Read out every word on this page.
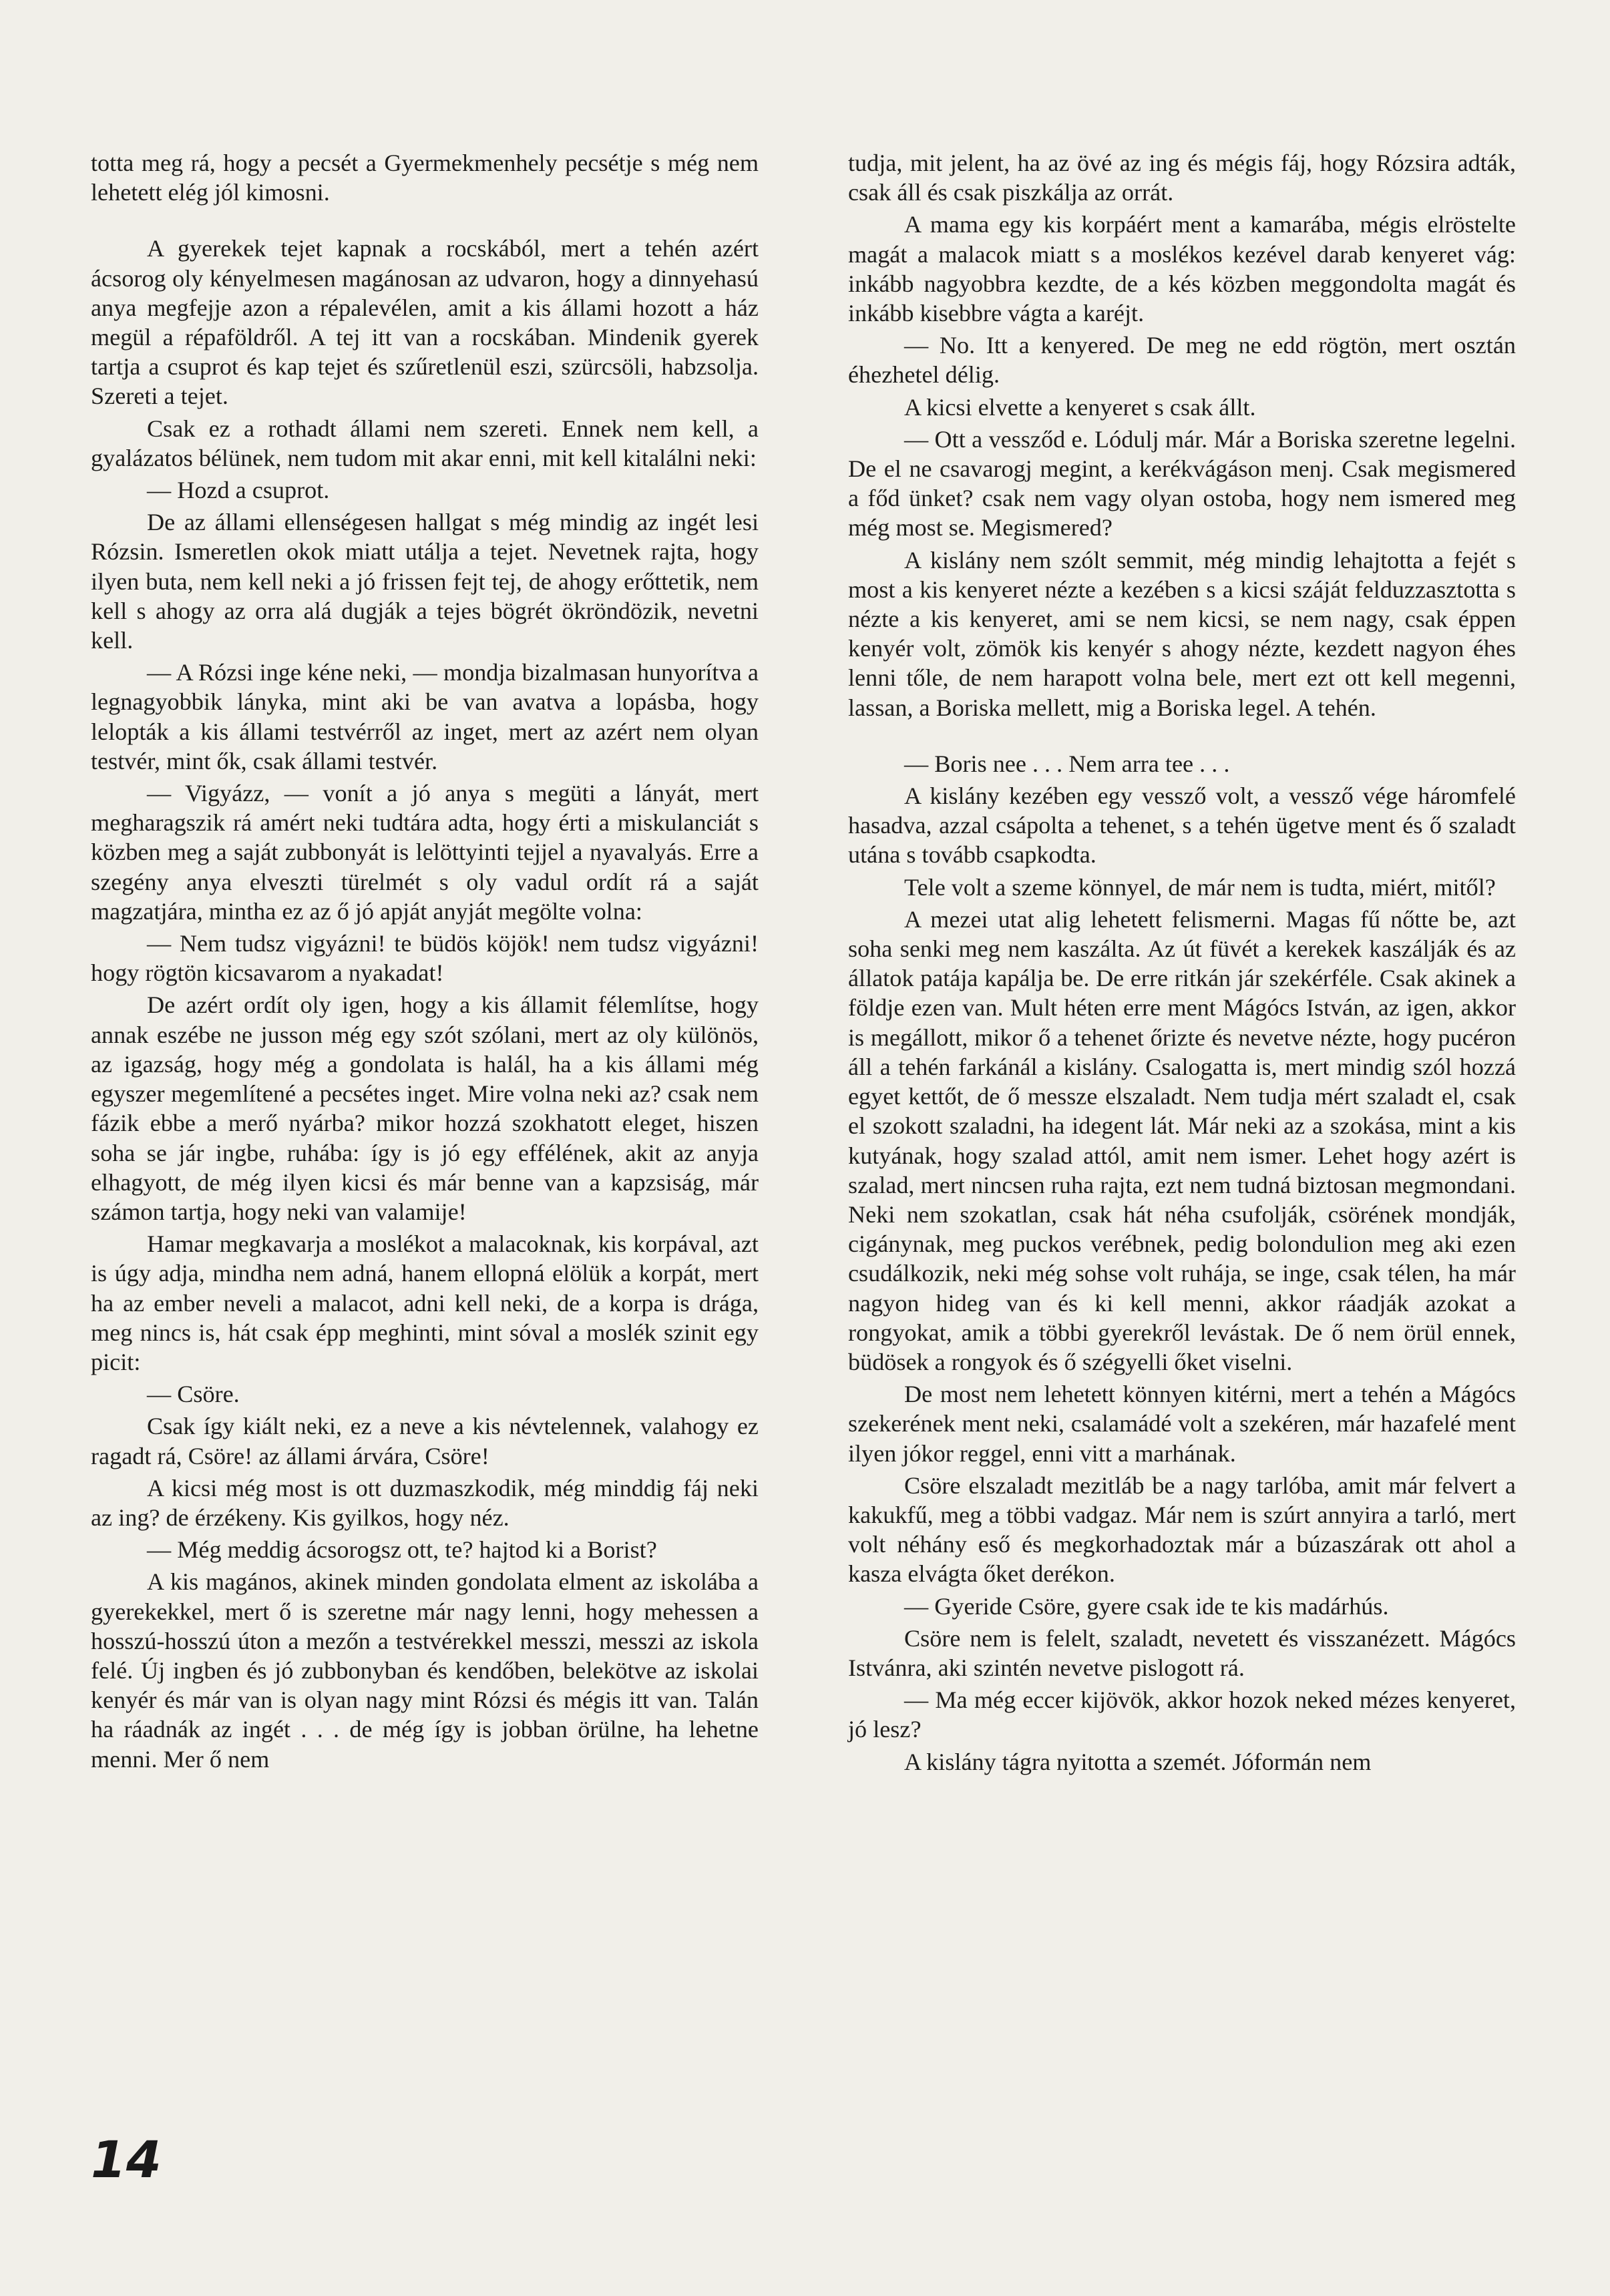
totta meg rá, hogy a pecsét a Gyermekmenhely pecsétje s még nem lehetett elég jól kimosni.

A gyerekek tejet kapnak a rocskából, mert a tehén azért ácsorog oly kényelmesen magánosan az udvaron, hogy a dinnyehasú anya megfejje azon a répalevélen, amit a kis állami hozott a ház megül a répaföldről. A tej itt van a rocskában. Mindenik gyerek tartja a csuprot és kap tejet és szűretlenül eszi, szürcsöli, habzsolja. Szereti a tejet.

Csak ez a rothadt állami nem szereti. Ennek nem kell, a gyalázatos bélünek, nem tudom mit akar enni, mit kell kitalálni neki:

— Hozd a csuprot.

De az állami ellenségesen hallgat s még mindig az ingét lesi Rózsin. Ismeretlen okok miatt utálja a tejet. Nevetnek rajta, hogy ilyen buta, nem kell neki a jó frissen fejt tej, de ahogy erőttetik, nem kell s ahogy az orra alá dugják a tejes bögrét ökröndözik, nevetni kell.

— A Rózsi inge kéne neki, — mondja bizalmasan hunyorítva a legnagyobbik lányka, mint aki be van avatva a lopásba, hogy lelopták a kis állami testvérről az inget, mert az azért nem olyan testvér, mint ők, csak állami testvér.

— Vigyázz, — vonít a jó anya s megüti a lányát, mert megharagszik rá amért neki tudtára adta, hogy érti a miskulanciát s közben meg a saját zubbonyát is lelöttyinti tejjel a nyavalyás. Erre a szegény anya elveszti türelmét s oly vadul ordít rá a saját magzatjára, mintha ez az ő jó apját anyját megölte volna:

— Nem tudsz vigyázni! te büdös köjök! nem tudsz vigyázni! hogy rögtön kicsavarom a nyakadat!

De azért ordít oly igen, hogy a kis államit félemlítse, hogy annak eszébe ne jusson még egy szót szólani, mert az oly különös, az igazság, hogy még a gondolata is halál, ha a kis állami még egyszer megemlítené a pecsétes inget. Mire volna neki az? csak nem fázik ebbe a merő nyárba? mikor hozzá szokhatott eleget, hiszen soha se jár ingbe, ruhába: így is jó egy effélének, akit az anyja elhagyott, de még ilyen kicsi és már benne van a kapzsiság, már számon tartja, hogy neki van valamije!

Hamar megkavarja a moslékot a malacoknak, kis korpával, azt is úgy adja, mindha nem adná, hanem ellopná elölük a korpát, mert ha az ember neveli a malacot, adni kell neki, de a korpa is drága, meg nincs is, hát csak épp meghinti, mint sóval a moslék szinit egy picit:

— Csöre.

Csak így kiált neki, ez a neve a kis névtelennek, valahogy ez ragadt rá, Csöre! az állami árvára, Csöre!

A kicsi még most is ott duzmaszkodik, még minddig fáj neki az ing? de érzékeny. Kis gyilkos, hogy néz.

— Még meddig ácsorogsz ott, te? hajtod ki a Borist?

A kis magános, akinek minden gondolata elment az iskolába a gyerekekkel, mert ő is szeretne már nagy lenni, hogy mehessen a hosszú-hosszú úton a mezőn a testvérekkel messzi, messzi az iskola felé. Új ingben és jó zubbonyban és kendőben, belekötve az iskolai kenyér és már van is olyan nagy mint Rózsi és mégis itt van. Talán ha ráadnák az ingét . . . de még így is jobban örülne, ha lehetne menni. Mer ő nem

tudja, mit jelent, ha az övé az ing és mégis fáj, hogy Rózsira adták, csak áll és csak piszkálja az orrát.

A mama egy kis korpáért ment a kamarába, mégis elröstelte magát a malacok miatt s a moslékos kezével darab kenyeret vág: inkább nagyobbra kezdte, de a kés közben meggondolta magát és inkább kisebbre vágta a karéjt.

— No. Itt a kenyered. De meg ne edd rögtön, mert osztán éhezhetel délig.

A kicsi elvette a kenyeret s csak állt.

— Ott a vessződ e. Lódulj már. Már a Boriska szeretne legelni. De el ne csavarogj megint, a kerékvágáson menj. Csak megismered a főd ünket? csak nem vagy olyan ostoba, hogy nem ismered meg még most se. Megismered?

A kislány nem szólt semmit, még mindig lehajtotta a fejét s most a kis kenyeret nézte a kezében s a kicsi száját felduzzasztotta s nézte a kis kenyeret, ami se nem kicsi, se nem nagy, csak éppen kenyér volt, zömök kis kenyér s ahogy nézte, kezdett nagyon éhes lenni tőle, de nem harapott volna bele, mert ezt ott kell megenni, lassan, a Boriska mellett, mig a Boriska legel. A tehén.

— Boris nee . . . Nem arra tee . . .

A kislány kezében egy vessző volt, a vessző vége háromfelé hasadva, azzal csápolta a tehenet, s a tehén ügetve ment és ő szaladt utána s tovább csapkodta.

Tele volt a szeme könnyel, de már nem is tudta, miért, mitől?

A mezei utat alig lehetett felismerni. Magas fű nőtte be, azt soha senki meg nem kaszálta. Az út füvét a kerekek kaszálják és az állatok patája kapálja be. De erre ritkán jár szekérféle. Csak akinek a földje ezen van. Mult héten erre ment Mágócs István, az igen, akkor is megállott, mikor ő a tehenet őrizte és nevetve nézte, hogy pucéron áll a tehén farkánál a kislány. Csalogatta is, mert mindig szól hozzá egyet kettőt, de ő messze elszaladt. Nem tudja mért szaladt el, csak el szokott szaladni, ha idegent lát. Már neki az a szokása, mint a kis kutyának, hogy szalad attól, amit nem ismer. Lehet hogy azért is szalad, mert nincsen ruha rajta, ezt nem tudná biztosan megmondani. Neki nem szokatlan, csak hát néha csufolják, csörének mondják, cigánynak, meg puckos verébnek, pedig bolondulion meg aki ezen csudálkozik, neki még sohse volt ruhája, se inge, csak télen, ha már nagyon hideg van és ki kell menni, akkor ráadják azokat a rongyokat, amik a többi gyerekről levástak. De ő nem örül ennek, büdösek a rongyok és ő szégyelli őket viselni.

De most nem lehetett könnyen kitérni, mert a tehén a Mágócs szekerének ment neki, csalamádé volt a szekéren, már hazafelé ment ilyen jókor reggel, enni vitt a marhának.

Csöre elszaladt mezitláb be a nagy tarlóba, amit már felvert a kakukfű, meg a többi vadgaz. Már nem is szúrt annyira a tarló, mert volt néhány eső és megkorhadoztak már a búzaszárak ott ahol a kasza elvágta őket derékon.

— Gyeride Csöre, gyere csak ide te kis madárhús.

Csöre nem is felelt, szaladt, nevetett és visszanézett. Mágócs Istvánra, aki szintén nevetve pislogott rá.

— Ma még eccer kijövök, akkor hozok neked mézes kenyeret, jó lesz?

A kislány tágra nyitotta a szemét. Jóformán nem

14
